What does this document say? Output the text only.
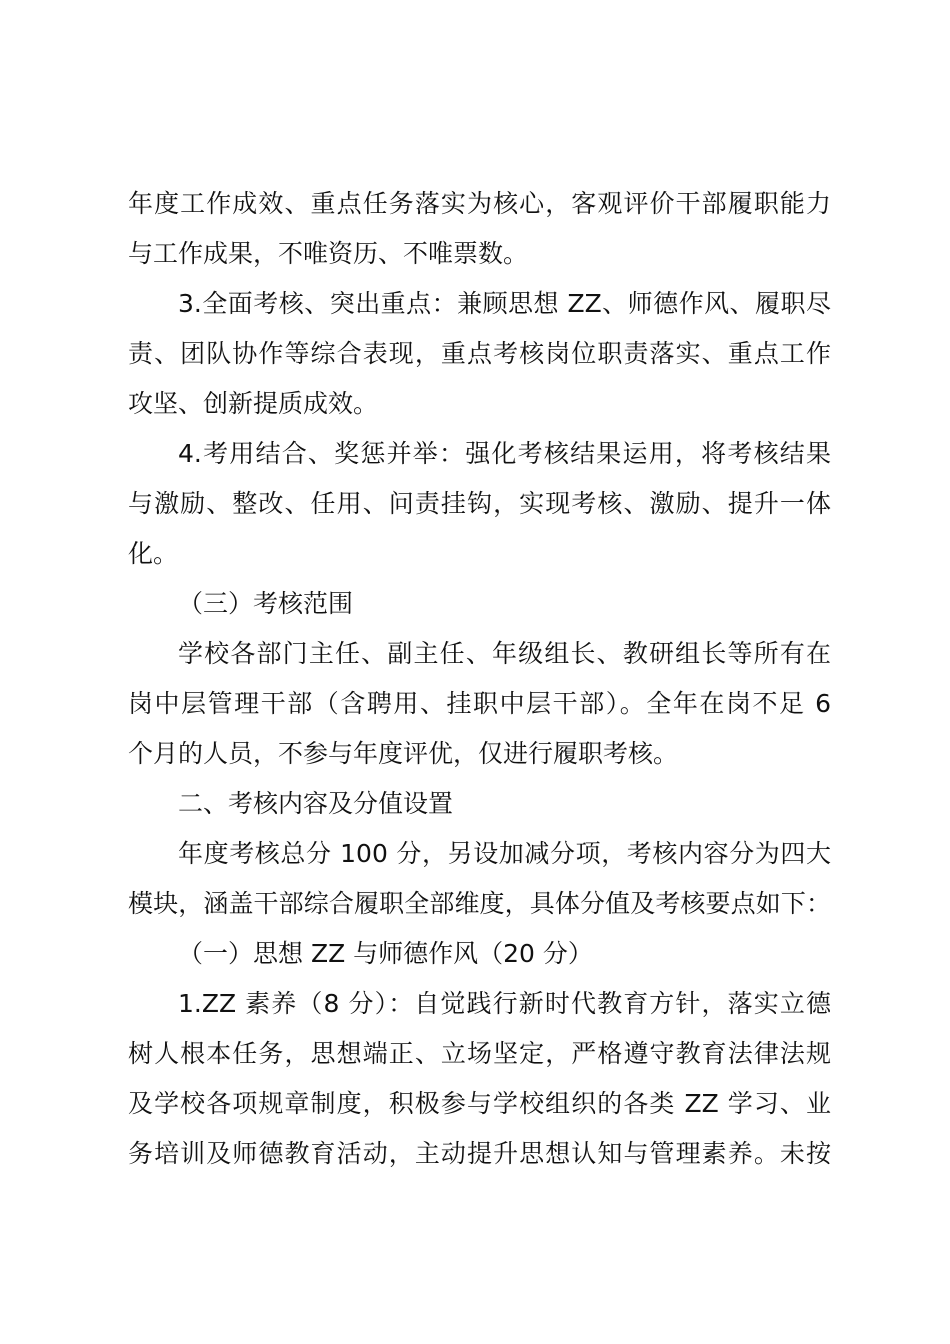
年度工作成效、重点任务落实为核心，客观评价干部履职能力
与工作成果，不唯资历、不唯票数。
3.全面考核、突出重点：兼顾思想 ZZ、师德作风、履职尽
责、团队协作等综合表现，重点考核岗位职责落实、重点工作
攻坚、创新提质成效。
4.考用结合、奖惩并举：强化考核结果运用，将考核结果
与激励、整改、任用、问责挂钩，实现考核、激励、提升一体
化。
（三）考核范围
学校各部门主任、副主任、年级组长、教研组长等所有在
岗中层管理干部（含聘用、挂职中层干部）。全年在岗不足 6
个月的人员，不参与年度评优，仅进行履职考核。
二、考核内容及分值设置
年度考核总分 100 分，另设加减分项，考核内容分为四大
模块，涵盖干部综合履职全部维度，具体分值及考核要点如下：
（一）思想 ZZ 与师德作风（20 分）
1.ZZ 素养（8 分）：自觉践行新时代教育方针，落实立德
树人根本任务，思想端正、立场坚定，严格遵守教育法律法规
及学校各项规章制度，积极参与学校组织的各类 ZZ 学习、业
务培训及师德教育活动，主动提升思想认知与管理素养。未按
